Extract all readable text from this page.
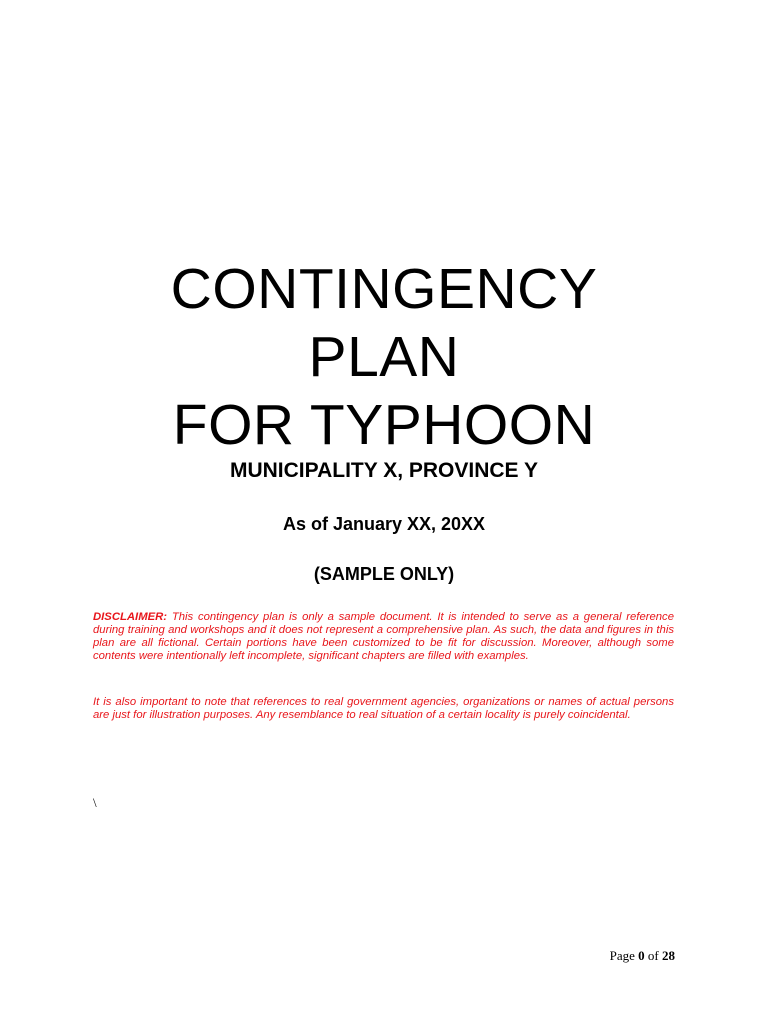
CONTINGENCY
PLAN
FOR TYPHOON
MUNICIPALITY X, PROVINCE Y
As of January XX, 20XX
(SAMPLE ONLY)

DISCLAIMER: This contingency plan is only a sample document. It is intended to serve as a general reference during training and workshops and it does not represent a comprehensive plan. As such, the data and figures in this plan are all fictional. Certain portions have been customized to be fit for discussion. Moreover, although some contents were intentionally left incomplete, significant chapters are filled with examples.

It is also important to note that references to real government agencies, organizations or names of actual persons are just for illustration purposes. Any resemblance to real situation of a certain locality is purely coincidental.

\
Page 0 of 28
